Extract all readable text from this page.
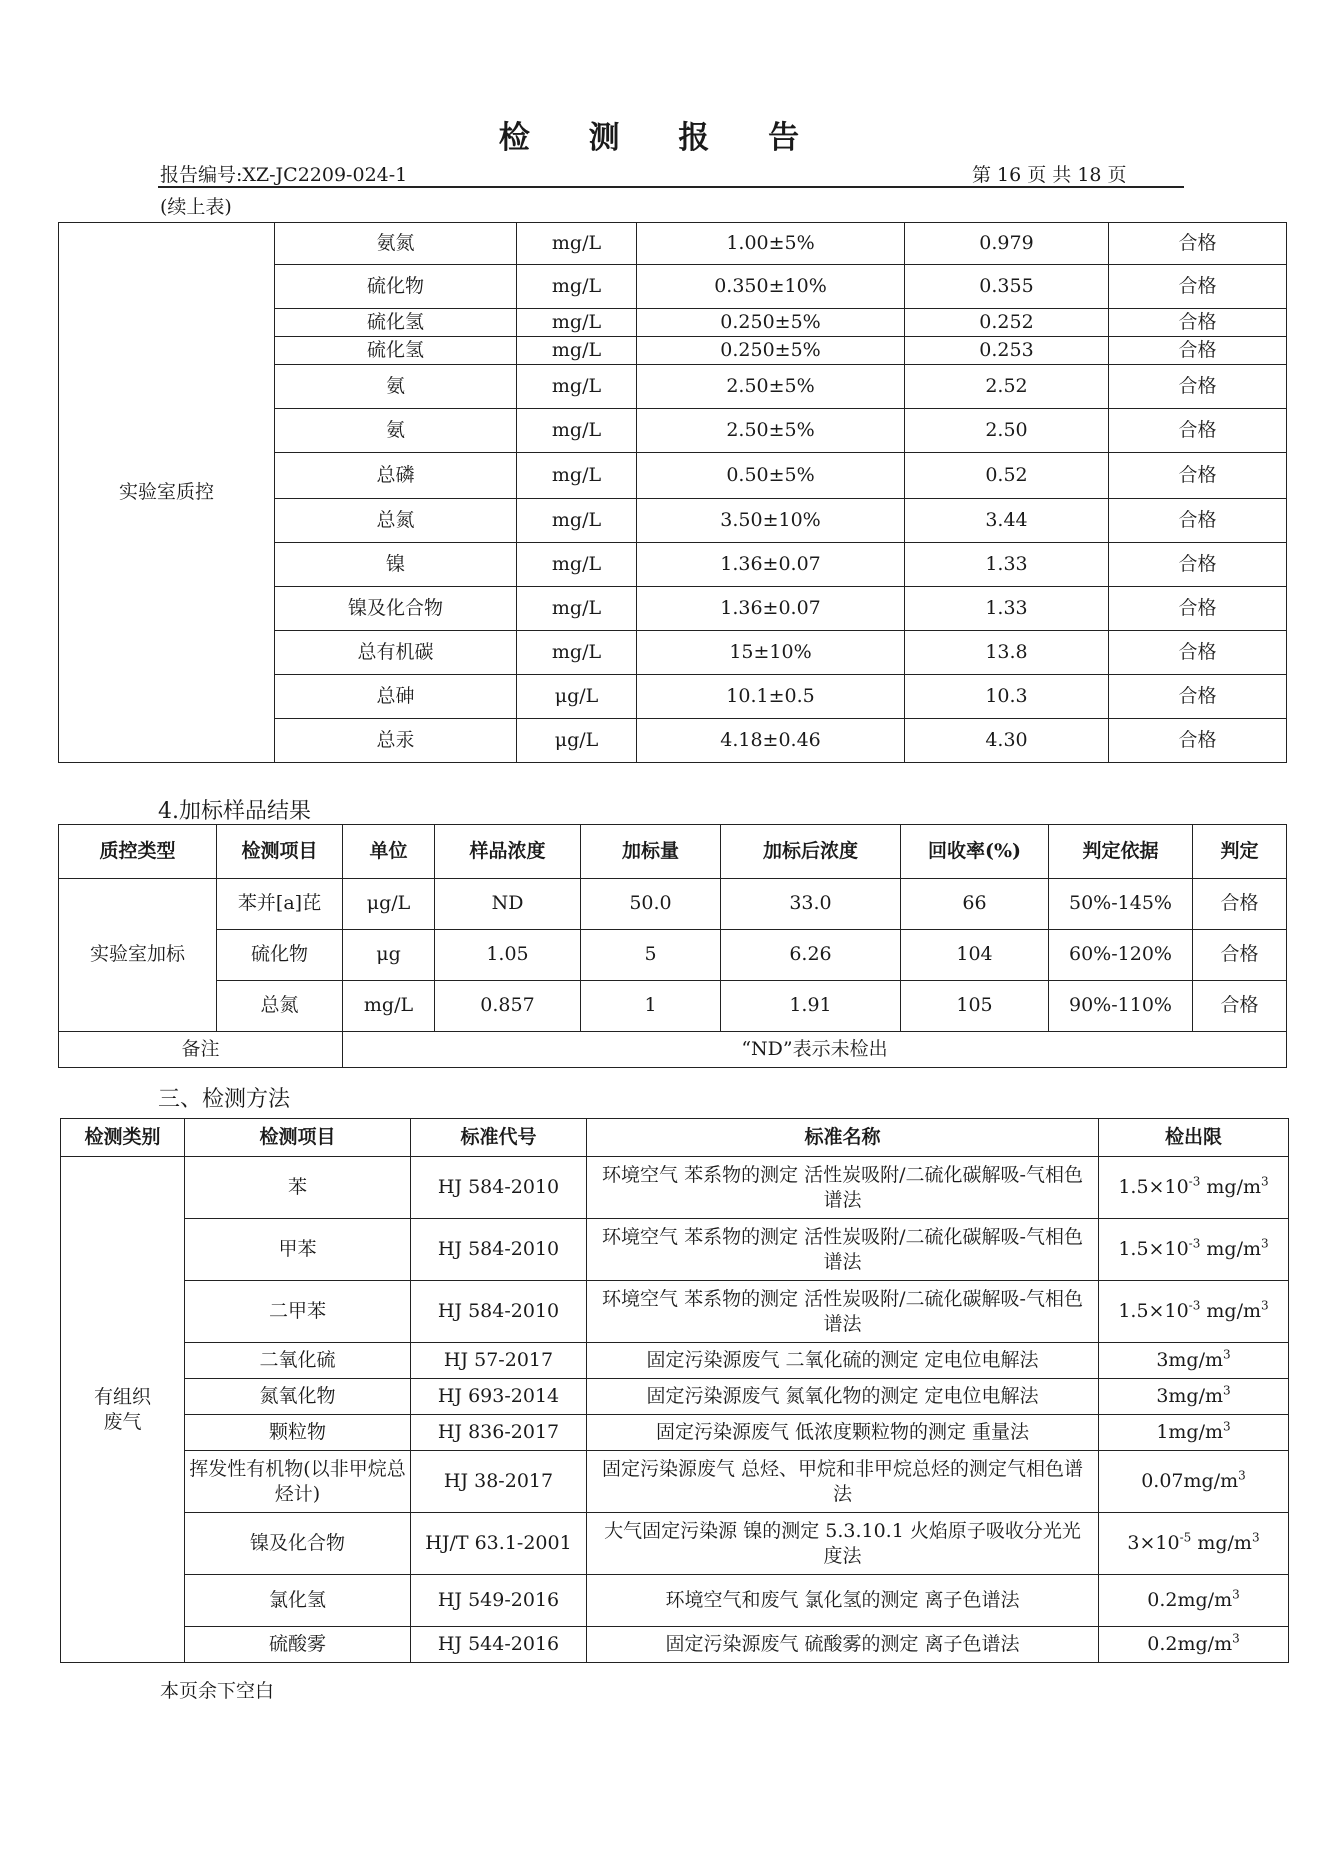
检 测 报 告
报告编号:XZ-JC2209-024-1	第 16 页 共 18 页
(续上表)
实验室质控	氨氮	mg/L	1.00±5%	0.979	合格
	硫化物	mg/L	0.350±10%	0.355	合格
	硫化氢	mg/L	0.250±5%	0.252	合格
	硫化氢	mg/L	0.250±5%	0.253	合格
	氨	mg/L	2.50±5%	2.52	合格
	氨	mg/L	2.50±5%	2.50	合格
	总磷	mg/L	0.50±5%	0.52	合格
	总氮	mg/L	3.50±10%	3.44	合格
	镍	mg/L	1.36±0.07	1.33	合格
	镍及化合物	mg/L	1.36±0.07	1.33	合格
	总有机碳	mg/L	15±10%	13.8	合格
	总砷	μg/L	10.1±0.5	10.3	合格
	总汞	μg/L	4.18±0.46	4.30	合格
4.加标样品结果
质控类型	检测项目	单位	样品浓度	加标量	加标后浓度	回收率(%)	判定依据	判定
实验室加标	苯并[a]芘	μg/L	ND	50.0	33.0	66	50%-145%	合格
	硫化物	μg	1.05	5	6.26	104	60%-120%	合格
	总氮	mg/L	0.857	1	1.91	105	90%-110%	合格
备注		“ND”表示未检出						
三、检测方法
检测类别	检测项目	标准代号	标准名称	检出限
有组织
废气	苯	HJ 584-2010	环境空气 苯系物的测定 活性炭吸附/二硫化碳解吸-气相色谱法	$1.5\times 10^{-3}$ $mg/m^3$
	甲苯	HJ 584-2010	环境空气 苯系物的测定 活性炭吸附/二硫化碳解吸-气相色谱法	$1.5\times 10^{-3}$ $mg/m^3$
	二甲苯	HJ 584-2010	环境空气 苯系物的测定 活性炭吸附/二硫化碳解吸-气相色谱法	$1.5\times 10^{-3}$ $mg/m^3$
	二氧化硫	HJ 57-2017	固定污染源废气 二氧化硫的测定 定电位电解法	$3mg/m^3$
	氮氧化物	HJ 693-2014	固定污染源废气 氮氧化物的测定 定电位电解法	$3mg/m^3$
	颗粒物	HJ 836-2017	固定污染源废气 低浓度颗粒物的测定 重量法	$1mg/m^3$
	挥发性有机物(以非甲烷总烃计)	HJ 38-2017	固定污染源废气 总烃、甲烷和非甲烷总烃的测定气相色谱法	$0.07mg/m^3$
	镍及化合物	HJ/T 63.1-2001	大气固定污染源 镍的测定 5.3.10.1 火焰原子吸收分光光度法	$3\times 10^{-5}$ $mg/m^3$
	氯化氢	HJ 549-2016	环境空气和废气 氯化氢的测定 离子色谱法	$0.2mg/m^3$
	硫酸雾	HJ 544-2016	固定污染源废气 硫酸雾的测定 离子色谱法	$0.2mg/m^3$
本页余下空白
